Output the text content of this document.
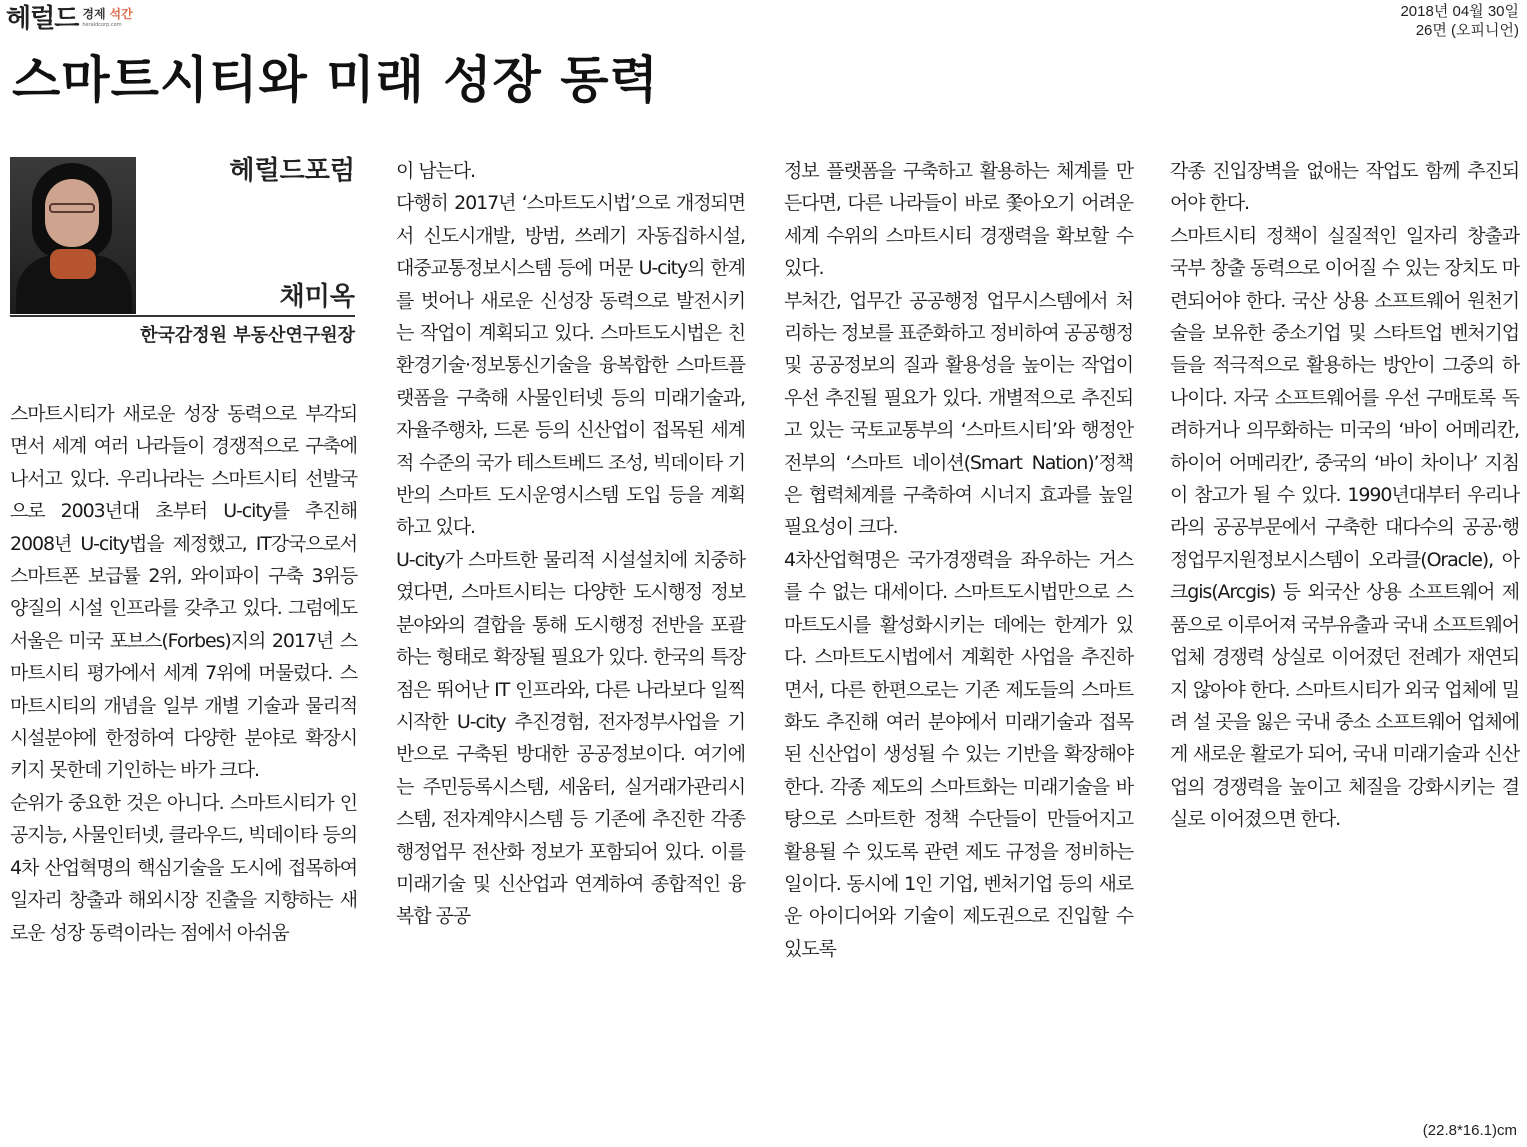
헤럴드 경제 석간
heraldcorp.com
2018년 04월 30일
26면 (오피니언)
스마트시티와 미래 성장 동력
헤럴드포럼
채미옥
한국감정원 부동산연구원장

스마트시티가 새로운 성장 동력으로 부각되면서 세계 여러 나라들이 경쟁적으로 구축에 나서고 있다. 우리나라는 스마트시티 선발국으로 2003년대 초부터 U-city를 추진해 2008년 U-city법을 제정했고, IT강국으로서 스마트폰 보급률 2위, 와이파이 구축 3위등 양질의 시설 인프라를 갖추고 있다. 그럼에도 서울은 미국 포브스(Forbes)지의 2017년 스마트시티 평가에서 세계 7위에 머물렀다. 스마트시티의 개념을 일부 개별 기술과 물리적 시설분야에 한정하여 다양한 분야로 확장시키지 못한데 기인하는 바가 크다.

순위가 중요한 것은 아니다. 스마트시티가 인공지능, 사물인터넷, 클라우드, 빅데이타 등의 4차 산업혁명의 핵심기술을 도시에 접목하여 일자리 창출과 해외시장 진출을 지향하는 새로운 성장 동력이라는 점에서 아쉬움

이 남는다.

다행히 2017년 ‘스마트도시법’으로 개정되면서 신도시개발, 방범, 쓰레기 자동집하시설, 대중교통정보시스템 등에 머문 U-city의 한계를 벗어나 새로운 신성장 동력으로 발전시키는 작업이 계획되고 있다. 스마트도시법은 친환경기술·정보통신기술을 융복합한 스마트플랫폼을 구축해 사물인터넷 등의 미래기술과, 자율주행차, 드론 등의 신산업이 접목된 세계적 수준의 국가 테스트베드 조성, 빅데이타 기반의 스마트 도시운영시스템 도입 등을 계획하고 있다.

U-city가 스마트한 물리적 시설설치에 치중하였다면, 스마트시티는 다양한 도시행정 정보 분야와의 결합을 통해 도시행정 전반을 포괄하는 형태로 확장될 필요가 있다. 한국의 특장점은 뛰어난 IT 인프라와, 다른 나라보다 일찍 시작한 U-city 추진경험, 전자정부사업을 기반으로 구축된 방대한 공공정보이다. 여기에는 주민등록시스템, 세움터, 실거래가관리시스템, 전자계약시스템 등 기존에 추진한 각종 행정업무 전산화 정보가 포함되어 있다. 이를 미래기술 및 신산업과 연계하여 종합적인 융복합 공공

정보 플랫폼을 구축하고 활용하는 체계를 만든다면, 다른 나라들이 바로 쫓아오기 어려운 세계 수위의 스마트시티 경쟁력을 확보할 수 있다.

부처간, 업무간 공공행정 업무시스템에서 처리하는 정보를 표준화하고 정비하여 공공행정 및 공공정보의 질과 활용성을 높이는 작업이 우선 추진될 필요가 있다. 개별적으로 추진되고 있는 국토교통부의 ‘스마트시티’와 행정안전부의 ‘스마트 네이션(Smart Nation)’정책은 협력체계를 구축하여 시너지 효과를 높일 필요성이 크다.

4차산업혁명은 국가경쟁력을 좌우하는 거스를 수 없는 대세이다. 스마트도시법만으로 스마트도시를 활성화시키는 데에는 한계가 있다. 스마트도시법에서 계획한 사업을 추진하면서, 다른 한편으로는 기존 제도들의 스마트화도 추진해 여러 분야에서 미래기술과 접목된 신산업이 생성될 수 있는 기반을 확장해야 한다. 각종 제도의 스마트화는 미래기술을 바탕으로 스마트한 정책 수단들이 만들어지고 활용될 수 있도록 관련 제도 규정을 정비하는 일이다. 동시에 1인 기업, 벤처기업 등의 새로운 아이디어와 기술이 제도권으로 진입할 수 있도록

각종 진입장벽을 없애는 작업도 함께 추진되어야 한다.

스마트시티 정책이 실질적인 일자리 창출과 국부 창출 동력으로 이어질 수 있는 장치도 마련되어야 한다. 국산 상용 소프트웨어 원천기술을 보유한 중소기업 및 스타트업 벤처기업들을 적극적으로 활용하는 방안이 그중의 하나이다. 자국 소프트웨어를 우선 구매토록 독려하거나 의무화하는 미국의 ‘바이 어메리칸, 하이어 어메리칸’, 중국의 ‘바이 차이나’ 지침이 참고가 될 수 있다. 1990년대부터 우리나라의 공공부문에서 구축한 대다수의 공공·행정업무지원정보시스템이 오라클(Oracle), 아크gis(Arcgis) 등 외국산 상용 소프트웨어 제품으로 이루어져 국부유출과 국내 소프트웨어 업체 경쟁력 상실로 이어졌던 전례가 재연되지 않아야 한다. 스마트시티가 외국 업체에 밀려 설 곳을 잃은 국내 중소 소프트웨어 업체에게 새로운 활로가 되어, 국내 미래기술과 신산업의 경쟁력을 높이고 체질을 강화시키는 결실로 이어졌으면 한다.

(22.8*16.1)cm
